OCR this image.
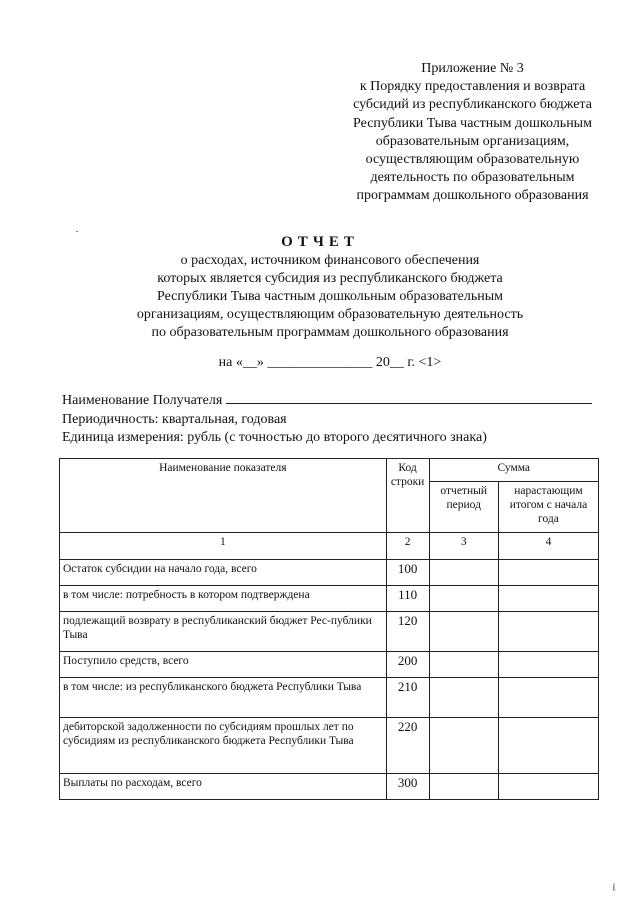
Приложение № 3
к Порядку предоставления и возврата
субсидий из республиканского бюджета
Республики Тыва частным дошкольным
образовательным организациям,
осуществляющим образовательную
деятельность по образовательным
программам дошкольного образования
ОТЧЕТ
о расходах, источником финансового обеспечения
которых является субсидия из республиканского бюджета
Республики Тыва частным дошкольным образовательным
организациям, осуществляющим образовательную деятельность
по образовательным программам дошкольного образования
на «__» _______________ 20__ г. <1>
Наименование Получателя
Периодичность: квартальная, годовая
Единица измерения: рубль (с точностью до второго десятичного знака)
Наименование показателя	Код строки	Сумма	
		отчетный период	нарастающим итогом с начала года
1	2	3	4
Остаток субсидии на начало года, всего	100		
в том числе: потребность в котором подтверждена	110		
подлежащий возврату в республиканский бюджет Рес-публики Тыва	120		
Поступило средств, всего	200		
в том числе: из республиканского бюджета Республики Тыва	210		
дебиторской задолженности по субсидиям прошлых лет по субсидиям из республиканского бюджета Республики Тыва	220		
Выплаты по расходам, всего	300		
𝓁
